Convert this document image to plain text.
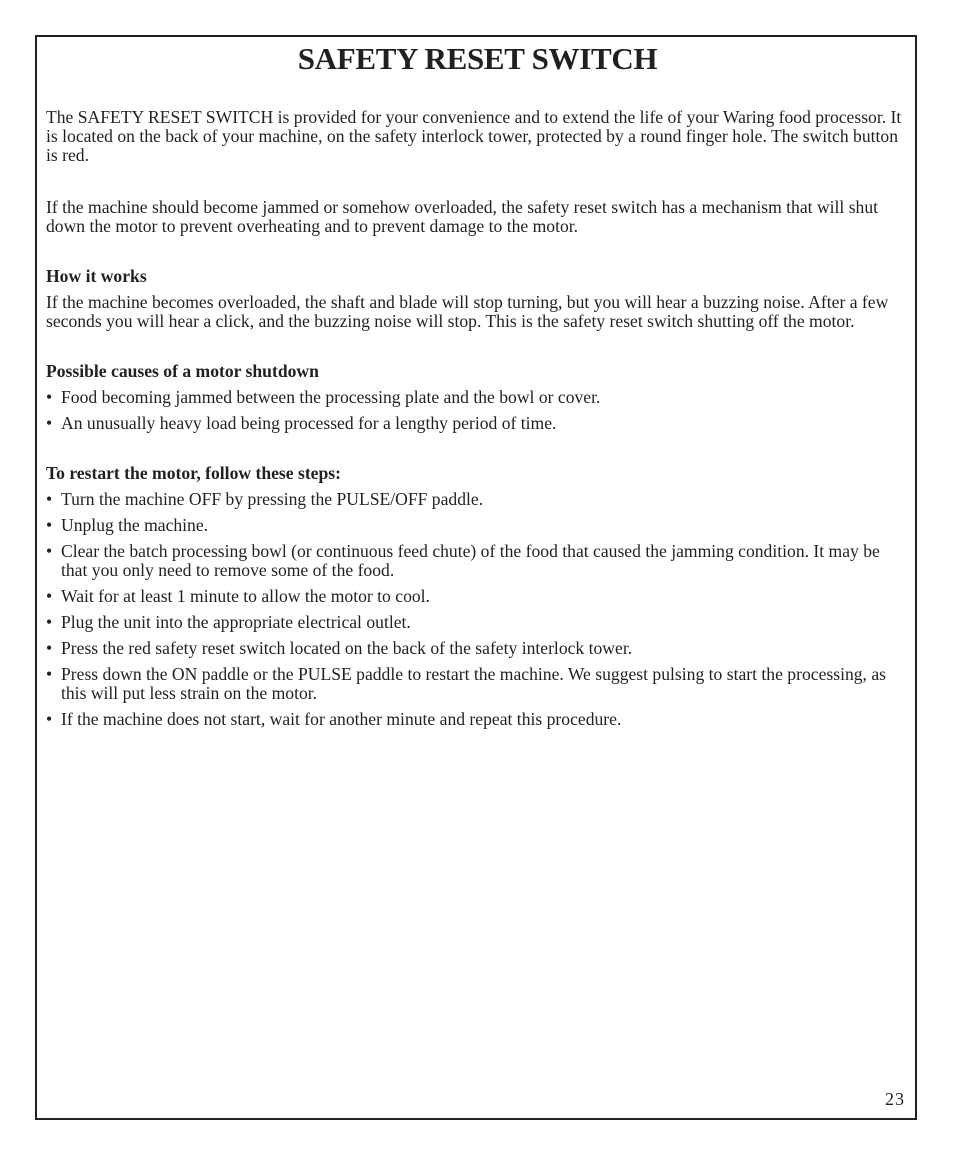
SAFETY RESET SWITCH

The SAFETY RESET SWITCH is provided for your convenience and to extend the life of your Waring food processor. It is located on the back of your machine, on the safety interlock tower, protected by a round finger hole. The switch button is red.

If the machine should become jammed or somehow overloaded, the safety reset switch has a mechanism that will shut down the motor to prevent overheating and to prevent damage to the motor.

How it works

If the machine becomes overloaded, the shaft and blade will stop turning, but you will hear a buzzing noise. After a few seconds you will hear a click, and the buzzing noise will stop. This is the safety reset switch shutting off the motor.

Possible causes of a motor shutdown

• Food becoming jammed between the processing plate and the bowl or cover.
• An unusually heavy load being processed for a lengthy period of time.

To restart the motor, follow these steps:

• Turn the machine OFF by pressing the PULSE/OFF paddle.
• Unplug the machine.
• Clear the batch processing bowl (or continuous feed chute) of the food that caused the jamming condition. It may be that you only need to remove some of the food.
• Wait for at least 1 minute to allow the motor to cool.
• Plug the unit into the appropriate electrical outlet.
• Press the red safety reset switch located on the back of the safety interlock tower.
• Press down the ON paddle or the PULSE paddle to restart the machine. We suggest pulsing to start the processing, as this will put less strain on the motor.
• If the machine does not start, wait for another minute and repeat this procedure.
23
